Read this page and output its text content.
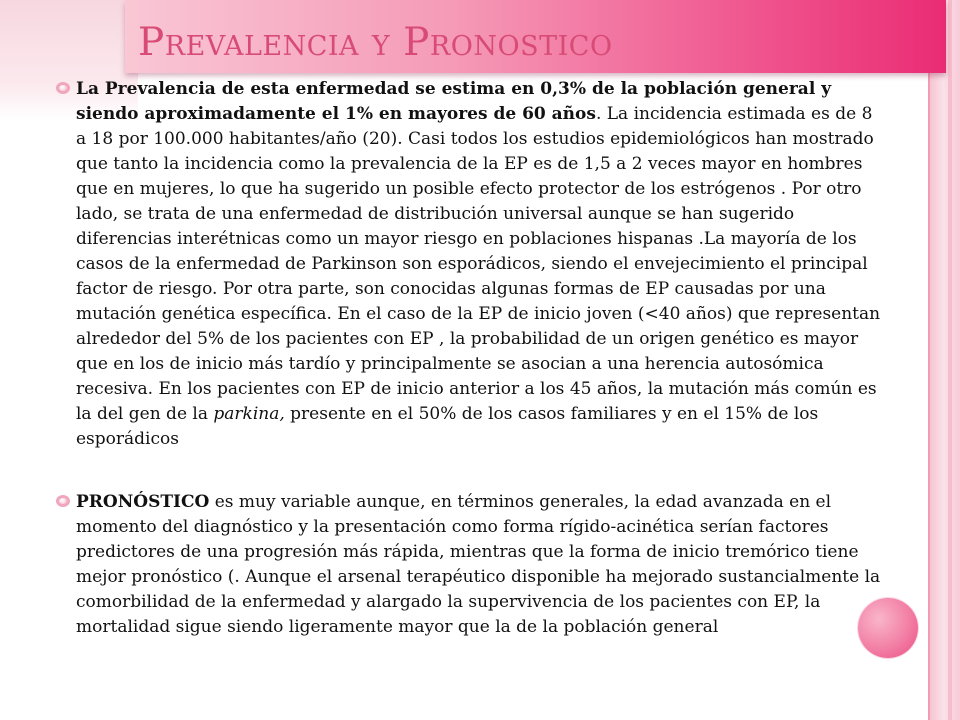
Prevalencia y Pronostico
La Prevalencia de esta enfermedad se estima en 0,3% de la población general y siendo aproximadamente el 1% en mayores de 60 años. La incidencia estimada es de 8 a 18 por 100.000 habitantes/año (20). Casi todos los estudios epidemiológicos han mostrado que tanto la incidencia como la prevalencia de la EP es de 1,5 a 2 veces mayor en hombres que en mujeres, lo que ha sugerido un posible efecto protector de los estrógenos . Por otro lado, se trata de una enfermedad de distribución universal aunque se han sugerido diferencias interétnicas como un mayor riesgo en poblaciones hispanas .La mayoría de los casos de la enfermedad de Parkinson son esporádicos, siendo el envejecimiento el principal factor de riesgo. Por otra parte, son conocidas algunas formas de EP causadas por una mutación genética específica. En el caso de la EP de inicio joven (<40 años) que representan alrededor del 5% de los pacientes con EP , la probabilidad de un origen genético es mayor que en los de inicio más tardío y principalmente se asocian a una herencia autosómica recesiva. En los pacientes con EP de inicio anterior a los 45 años, la mutación más común es la del gen de la parkina, presente en el 50% de los casos familiares y en el 15% de los esporádicos
PRONÓSTICO es muy variable aunque, en términos generales, la edad avanzada en el momento del diagnóstico y la presentación como forma rígido-acinética serían factores predictores de una progresión más rápida, mientras que la forma de inicio tremórico tiene mejor pronóstico (. Aunque el arsenal terapéutico disponible ha mejorado sustancialmente la comorbilidad de la enfermedad y alargado la supervivencia de los pacientes con EP, la mortalidad sigue siendo ligeramente mayor que la de la población general
